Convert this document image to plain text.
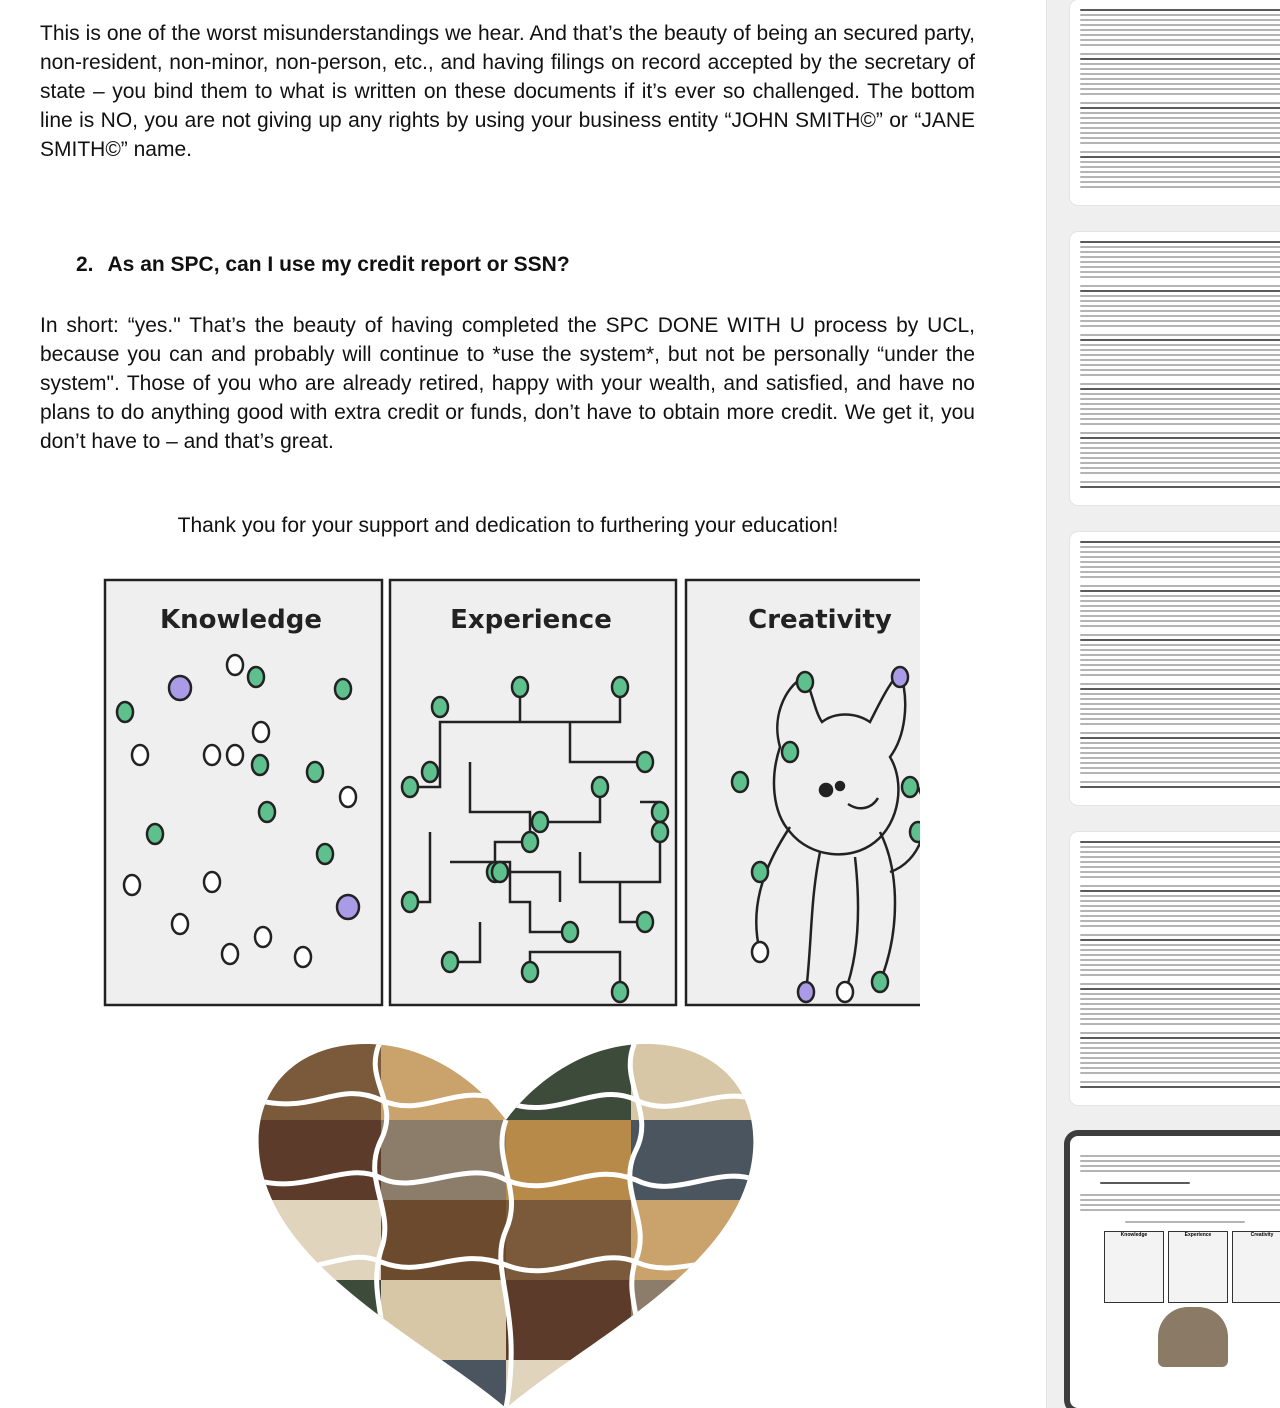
This is one of the worst misunderstandings we hear. And that’s the beauty of being an secured party, non-resident, non-minor, non-person, etc., and having filings on record accepted by the secretary of state – you bind them to what is written on these documents if it’s ever so challenged. The bottom line is NO, you are not giving up any rights by using your business entity “JOHN SMITH©” or “JANE SMITH©” name.

2. As an SPC, can I use my credit report or SSN?

In short: “yes." That’s the beauty of having completed the SPC DONE WITH U process by UCL, because you can and probably will continue to *use the system*, but not be personally “under the system". Those of you who are already retired, happy with your wealth, and satisfied, and have no plans to do anything good with extra credit or funds, don’t have to obtain more credit. We get it, you don’t have to – and that’s great.

Thank you for your support and dedication to furthering your education!

Knowledge	Experience	Creativity
Knowledge	Experience	Creativity
